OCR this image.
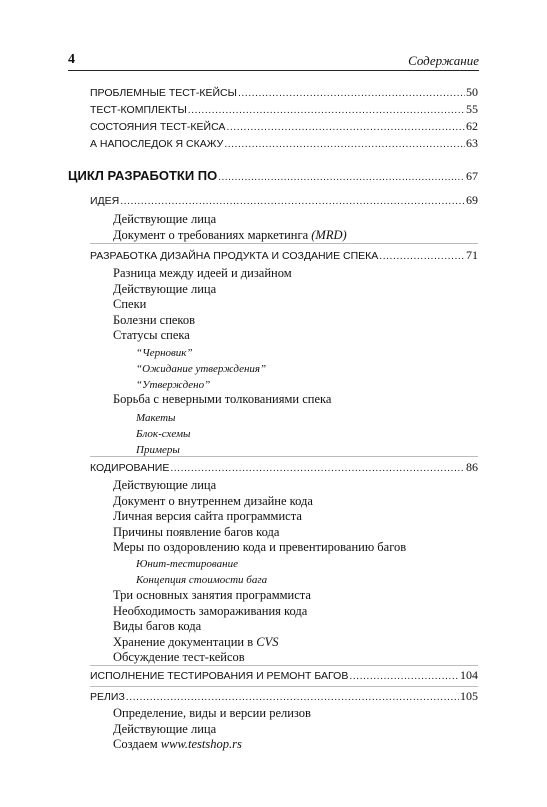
4	Содержание
ПРОБЛЕМНЫЕ ТЕСТ-КЕЙСЫ .....	50
ТЕСТ-КОМПЛЕКТЫ .....	55
СОСТОЯНИЯ ТЕСТ-КЕЙСА .....	62
А НАПОСЛЕДОК Я СКАЖУ .....	63
ЦИКЛ РАЗРАБОТКИ ПО .....	67
ИДЕЯ .....	69
Действующие лица
Документ о требованиях маркетинга (MRD)
РАЗРАБОТКА ДИЗАЙНА ПРОДУКТА И СОЗДАНИЕ СПЕКА .....	71
Разница между идеей и дизайном
Действующие лица
Спеки
Болезни спеков
Статусы спека
“Черновик”
“Ожидание утверждения”
“Утверждено”
Борьба с неверными толкованиями спека
Макеты
Блок-схемы
Примеры
КОДИРОВАНИЕ .....	86
Действующие лица
Документ о внутреннем дизайне кода
Личная версия сайта программиста
Причины появление багов кода
Меры по оздоровлению кода и превентированию багов
Юнит-тестирование
Концепция стоимости бага
Три основных занятия программиста
Необходимость замораживания кода
Виды багов кода
Хранение документации в CVS
Обсуждение тест-кейсов
ИСПОЛНЕНИЕ ТЕСТИРОВАНИЯ И РЕМОНТ БАГОВ .....	104
РЕЛИЗ .....	105
Определение, виды и версии релизов
Действующие лица
Создаем www.testshop.rs
